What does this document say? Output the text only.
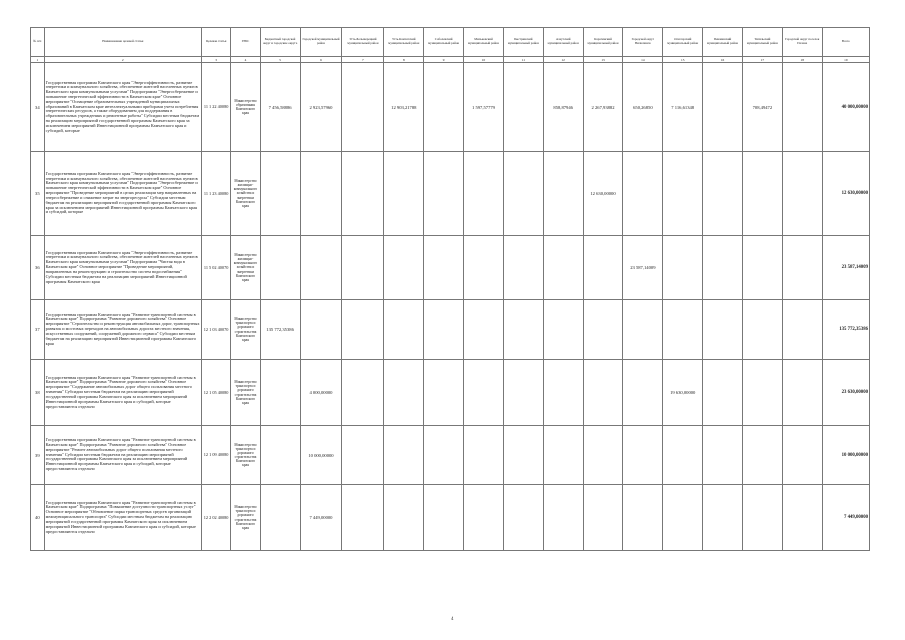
№ п/п	Наименование целевой статьи	Целевая статья	ГРБС	Бюджетный городской округ и городские округа	Городской муниципальный район	Усть-Большерецкий муниципальный район	Усть-Камчатский муниципальный район	Соболевский муниципальный район	Мильковский муниципальный район	Быстринский муниципальный район	Алеутский муниципальный район	Карагинский муниципальный район	Городской округ Вилючинск	Олюторский муниципальный район	Пенжинский муниципальный район	Тигильский муниципальный район	Городской округ поселок Палана	Всего
1	2	3	4	5	6	7	8	9	10	11	12	13	14	15	16	17	18	19
34	Государственная программа Камчатского края "Энергоэффективность, развитие энергетики и коммунального хозяйства, обеспечение жителей населенных пунктов Камчатского края коммунальными услугами" Подпрограмма "Энергосбережение и повышение энергетической эффективности в Камчатском крае" Основное мероприятие "Оснащение образовательных учреждений муниципальных образований в Камчатском крае интеллектуальными приборами учета потребления энергетических ресурсов, а также оборудованием для поддержания в образовательных учреждениях и ремонтные работы" Субсидии местным бюджетам на реализацию мероприятий государственной программы Камчатского края за исключением мероприятий Инвестиционной программы Камчатского края и субсидий, которые	11 1 22 40080	Министерство образования Камчатского края	7 456,58886	2 923,57960		12 903,21788		1 597,57779		858,87946	2 267,93882	650,26850	7 116,61348		708,49472		40 000,00000
35	Государственная программа Камчатского края "Энергоэффективность, развитие энергетики и коммунального хозяйства, обеспечение жителей населенных пунктов Камчатского края коммунальными услугами" Подпрограмма "Энергосбережение и повышение энергетической эффективности в Камчатском крае" Основное мероприятие "Проведение мероприятий в целях реализации мер направленных на энергосбережение и снижение затрат на энергоресурсы" Субсидии местным бюджетам на реализацию мероприятий государственной программы Камчатского края за исключением мероприятий Инвестиционной программы Камчатского края и субсидий, которые	11 1 23 40080	Министерство жилищно-коммунального хозяйства и энергетики Камчатского края									12 630,00000						12 630,00000
36	Государственная программа Камчатского края "Энергоэффективность, развитие энергетики и коммунального хозяйства, обеспечение жителей населенных пунктов Камчатского края коммунальными услугами" Подпрограмма "Чистая вода в Камчатском крае" Основное мероприятие "Проведение мероприятий, направленных на реконструкцию и строительство систем водоснабжения" Субсидии местным бюджетам на реализацию мероприятий Инвестиционной программы Камчатского края	11 5 02 40070	Министерство жилищно-коммунального хозяйства и энергетики Камчатского края										23 587,14009					23 587,14009
37	Государственная программа Камчатского края "Развитие транспортной системы в Камчатском крае" Подпрограмма "Развитие дорожного хозяйства" Основное мероприятие "Строительство и реконструкция автомобильных дорог, транспортных развязок и мостовых переходов на автомобильных дорогах местного значения, искусственных сооружений, сооружений дорожного сервиса" Субсидии местным бюджетам на реализацию мероприятий Инвестиционной программы Камчатского края	12 1 03 40070	Министерство транспорта и дорожного строительства Камчатского края	135 772,35386														135 772,35386
38	Государственная программа Камчатского края "Развитие транспортной системы в Камчатском крае" Подпрограмма "Развитие дорожного хозяйства" Основное мероприятие "Содержание автомобильных дорог общего пользования местного значения" Субсидии местным бюджетам на реализацию мероприятий государственной программы Камчатского края за исключением мероприятий Инвестиционной программы Камчатского края и субсидий, которые предоставляются отдельно	12 1 05 40080	Министерство транспорта и дорожного строительства Камчатского края		4 000,00000									19 630,00000				23 630,00000
39	Государственная программа Камчатского края "Развитие транспортной системы в Камчатском крае" Подпрограмма "Развитие дорожного хозяйства" Основное мероприятие "Ремонт автомобильных дорог общего пользования местного значения" Субсидии местным бюджетам на реализацию мероприятий государственной программы Камчатского края за исключением мероприятий Инвестиционной программы Камчатского края и субсидий, которые предоставляются отдельно	12 1 09 40080	Министерство транспорта и дорожного строительства Камчатского края		10 000,00000													10 000,00000
40	Государственная программа Камчатского края "Развитие транспортной системы в Камчатском крае" Подпрограмма "Повышение доступности транспортных услуг" Основное мероприятие "Обновление парка транспортных средств организаций межмуниципального транспорта" Субсидии местным бюджетам на реализацию мероприятий государственной программы Камчатского края за исключением мероприятий Инвестиционной программы Камчатского края и субсидий, которые предоставляются отдельно	12 2 02 40080	Министерство транспорта и дорожного строительства Камчатского края		7 449,00000													7 449,00000
4
